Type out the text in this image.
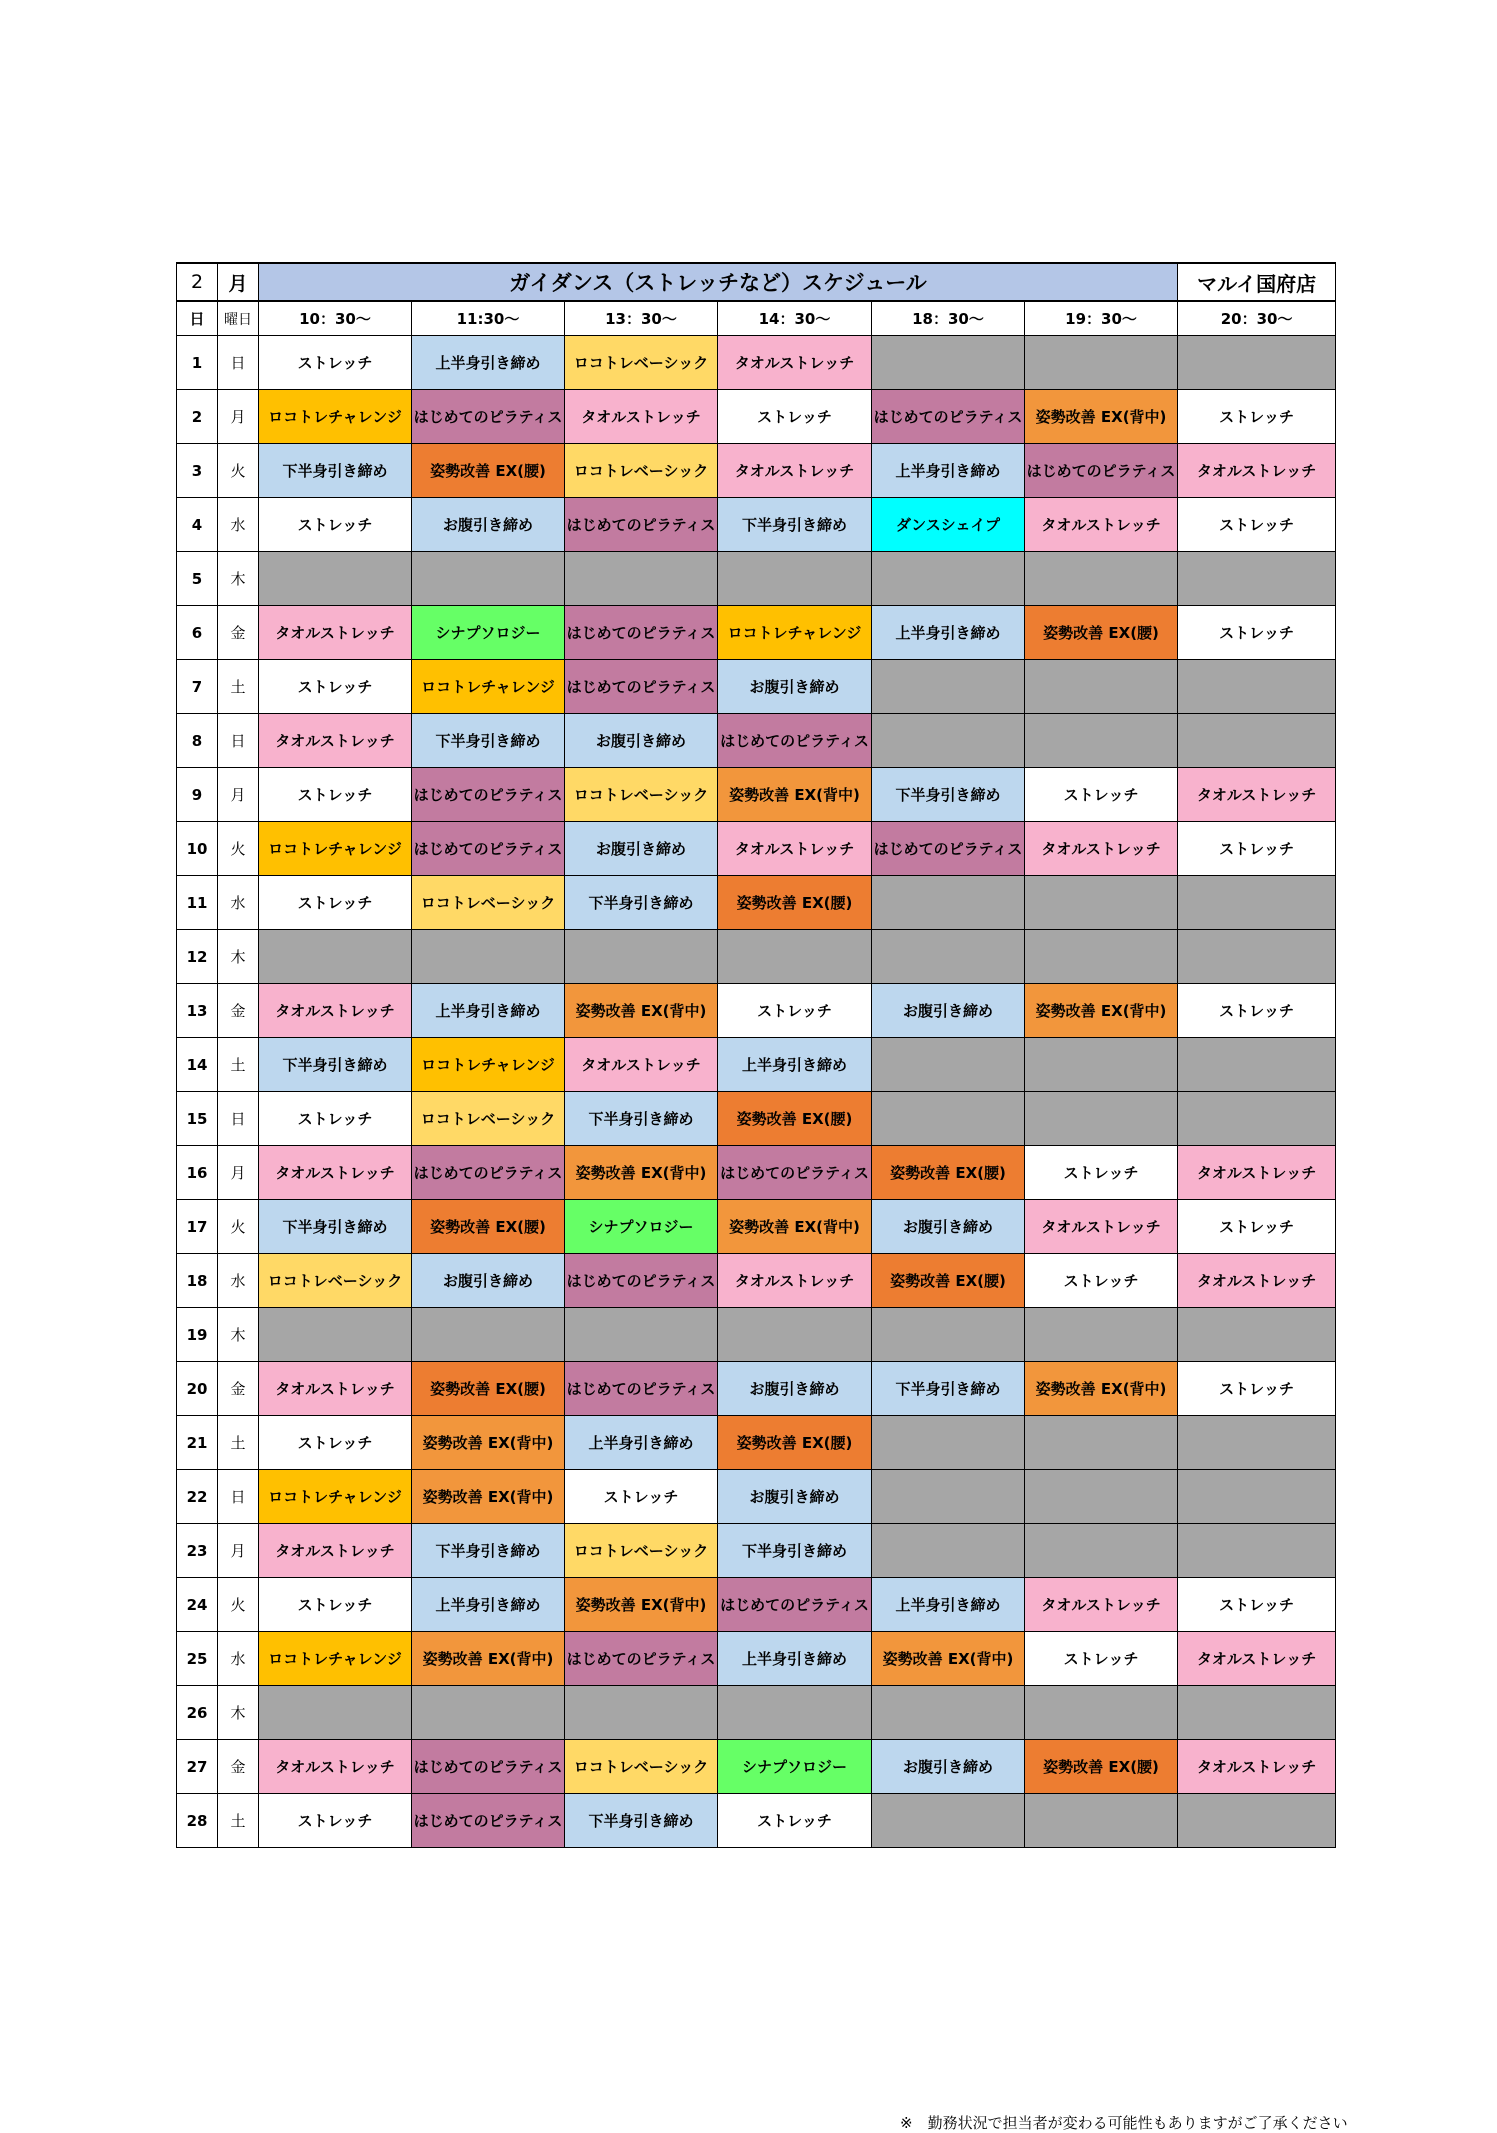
2	月	ガイダンス（ストレッチなど）スケジュール						マルイ国府店
日	曜日	10：30～	11:30～	13：30～	14：30～	18：30～	19：30～	20：30～
1	日	ストレッチ	上半身引き締め	ロコトレベーシック	タオルストレッチ			
2	月	ロコトレチャレンジ	はじめてのピラティス	タオルストレッチ	ストレッチ	はじめてのピラティス	姿勢改善 EX(背中)	ストレッチ
3	火	下半身引き締め	姿勢改善 EX(腰)	ロコトレベーシック	タオルストレッチ	上半身引き締め	はじめてのピラティス	タオルストレッチ
4	水	ストレッチ	お腹引き締め	はじめてのピラティス	下半身引き締め	ダンスシェイプ	タオルストレッチ	ストレッチ
5	木							
6	金	タオルストレッチ	シナプソロジー	はじめてのピラティス	ロコトレチャレンジ	上半身引き締め	姿勢改善 EX(腰)	ストレッチ
7	土	ストレッチ	ロコトレチャレンジ	はじめてのピラティス	お腹引き締め			
8	日	タオルストレッチ	下半身引き締め	お腹引き締め	はじめてのピラティス			
9	月	ストレッチ	はじめてのピラティス	ロコトレベーシック	姿勢改善 EX(背中)	下半身引き締め	ストレッチ	タオルストレッチ
10	火	ロコトレチャレンジ	はじめてのピラティス	お腹引き締め	タオルストレッチ	はじめてのピラティス	タオルストレッチ	ストレッチ
11	水	ストレッチ	ロコトレベーシック	下半身引き締め	姿勢改善 EX(腰)			
12	木							
13	金	タオルストレッチ	上半身引き締め	姿勢改善 EX(背中)	ストレッチ	お腹引き締め	姿勢改善 EX(背中)	ストレッチ
14	土	下半身引き締め	ロコトレチャレンジ	タオルストレッチ	上半身引き締め			
15	日	ストレッチ	ロコトレベーシック	下半身引き締め	姿勢改善 EX(腰)			
16	月	タオルストレッチ	はじめてのピラティス	姿勢改善 EX(背中)	はじめてのピラティス	姿勢改善 EX(腰)	ストレッチ	タオルストレッチ
17	火	下半身引き締め	姿勢改善 EX(腰)	シナプソロジー	姿勢改善 EX(背中)	お腹引き締め	タオルストレッチ	ストレッチ
18	水	ロコトレベーシック	お腹引き締め	はじめてのピラティス	タオルストレッチ	姿勢改善 EX(腰)	ストレッチ	タオルストレッチ
19	木							
20	金	タオルストレッチ	姿勢改善 EX(腰)	はじめてのピラティス	お腹引き締め	下半身引き締め	姿勢改善 EX(背中)	ストレッチ
21	土	ストレッチ	姿勢改善 EX(背中)	上半身引き締め	姿勢改善 EX(腰)			
22	日	ロコトレチャレンジ	姿勢改善 EX(背中)	ストレッチ	お腹引き締め			
23	月	タオルストレッチ	下半身引き締め	ロコトレベーシック	下半身引き締め			
24	火	ストレッチ	上半身引き締め	姿勢改善 EX(背中)	はじめてのピラティス	上半身引き締め	タオルストレッチ	ストレッチ
25	水	ロコトレチャレンジ	姿勢改善 EX(背中)	はじめてのピラティス	上半身引き締め	姿勢改善 EX(背中)	ストレッチ	タオルストレッチ
26	木							
27	金	タオルストレッチ	はじめてのピラティス	ロコトレベーシック	シナプソロジー	お腹引き締め	姿勢改善 EX(腰)	タオルストレッチ
28	土	ストレッチ	はじめてのピラティス	下半身引き締め	ストレッチ			
※　勤務状況で担当者が変わる可能性もありますがご了承ください
